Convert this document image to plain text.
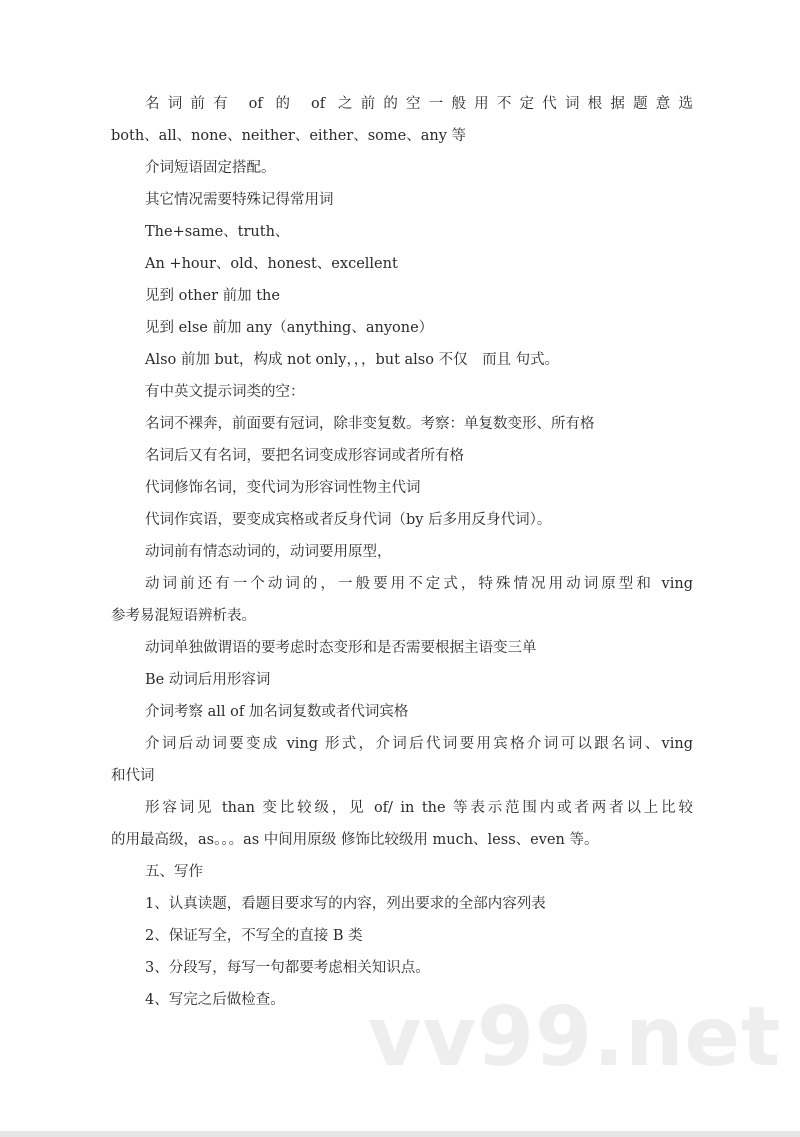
名词前有 of 的 of 之前的空一般用不定代词根据题意选
both、all、none、neither、either、some、any 等
介词短语固定搭配。
其它情况需要特殊记得常用词
The+same、truth、
An +hour、old、honest、excellent
见到 other 前加 the
见到 else 前加 any（anything、anyone）
Also 前加 but，构成 not only，，，but also 不仅　而且 句式。
有中英文提示词类的空：
名词不裸奔，前面要有冠词，除非变复数。考察：单复数变形、所有格
名词后又有名词，要把名词变成形容词或者所有格
代词修饰名词，变代词为形容词性物主代词
代词作宾语，要变成宾格或者反身代词（by 后多用反身代词）。
动词前有情态动词的，动词要用原型，
动词前还有一个动词的，一般要用不定式，特殊情况用动词原型和 ving
参考易混短语辨析表。
动词单独做谓语的要考虑时态变形和是否需要根据主语变三单
Be 动词后用形容词
介词考察 all of 加名词复数或者代词宾格
介词后动词要变成 ving 形式，介词后代词要用宾格介词可以跟名词、ving
和代词
形容词见 than 变比较级，见 of/ in the 等表示范围内或者两者以上比较
的用最高级，as。。。as 中间用原级 修饰比较级用 much、less、even 等。
五、写作
1、认真读题，看题目要求写的内容，列出要求的全部内容列表
2、保证写全，不写全的直接 B 类
3、分段写，每写一句都要考虑相关知识点。
4、写完之后做检查。	vv99.net
